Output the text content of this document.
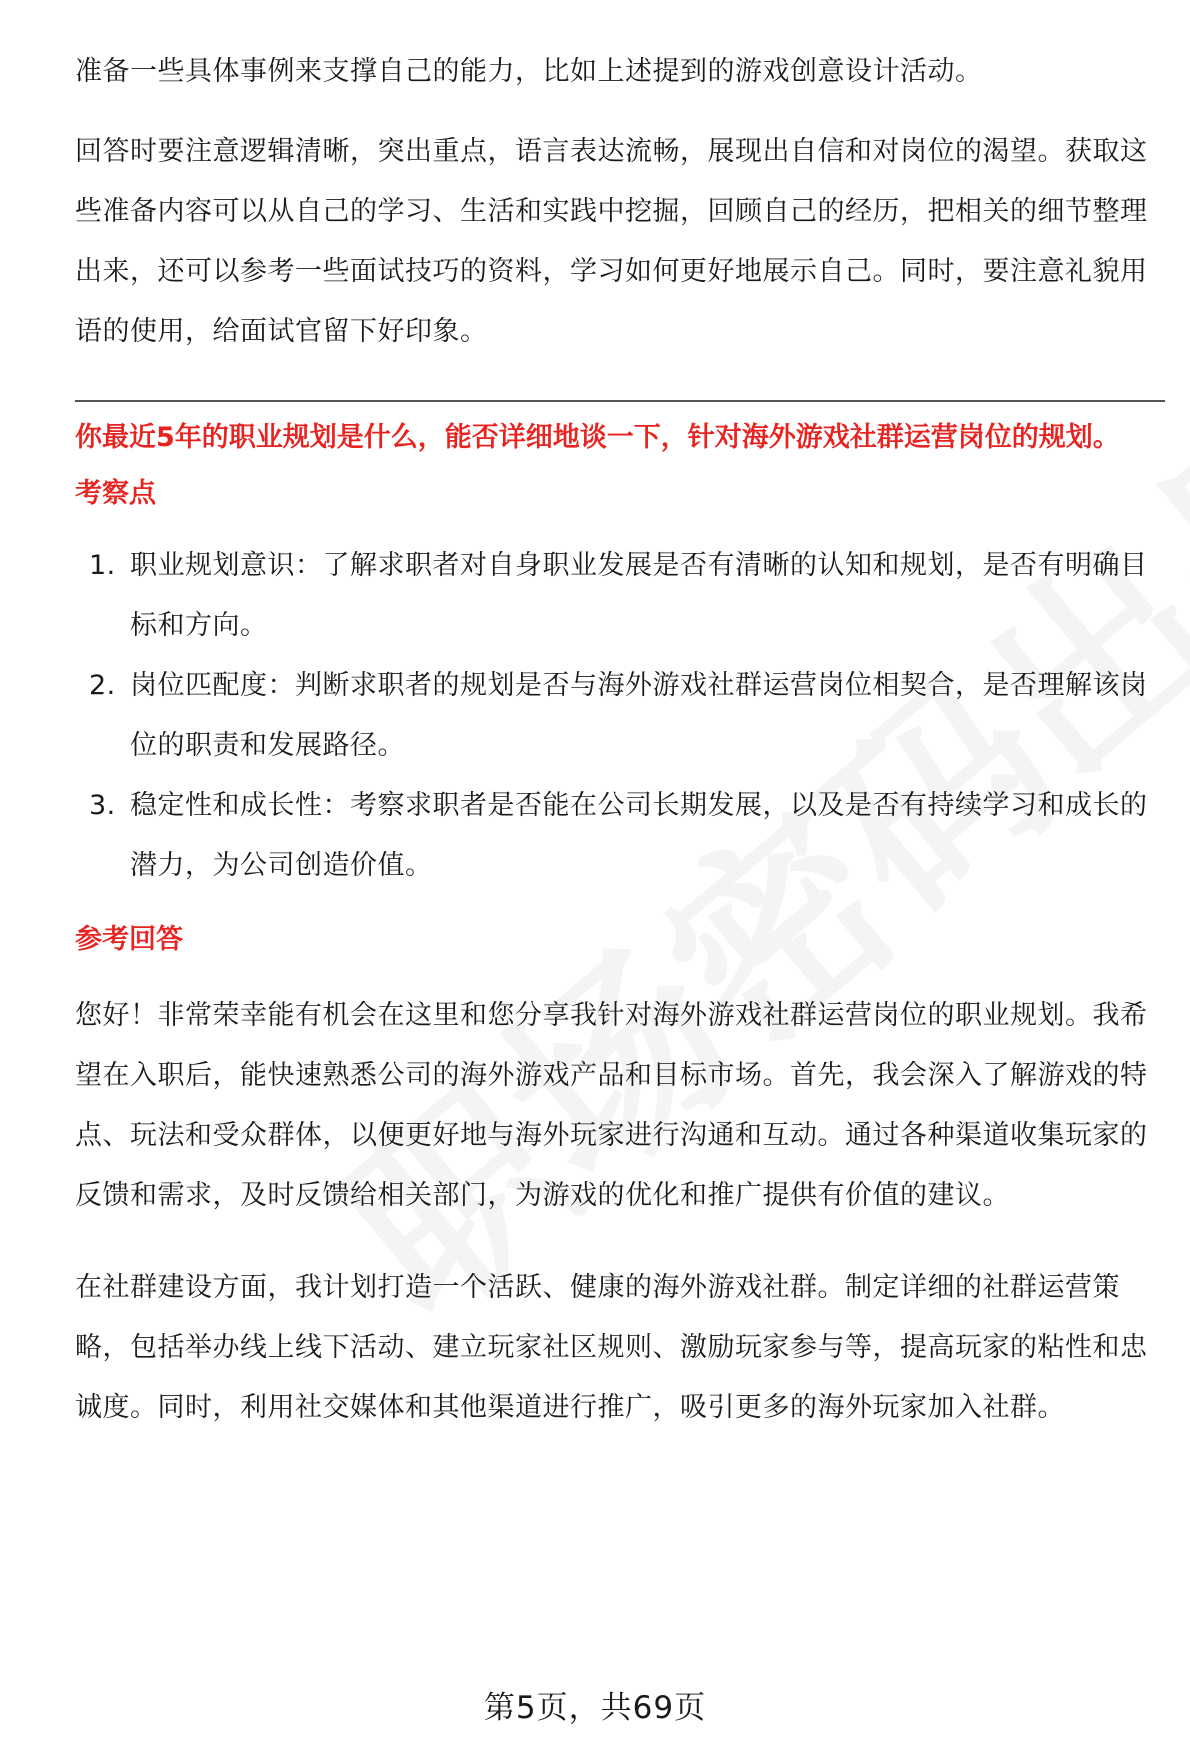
准备一些具体事例来支撑自己的能力，比如上述提到的游戏创意设计活动。

回答时要注意逻辑清晰，突出重点，语言表达流畅，展现出自信和对岗位的渴望。获取这些准备内容可以从自己的学习、生活和实践中挖掘，回顾自己的经历，把相关的细节整理出来，还可以参考一些面试技巧的资料，学习如何更好地展示自己。同时，要注意礼貌用语的使用，给面试官留下好印象。

你最近5年的职业规划是什么，能否详细地谈一下，针对海外游戏社群运营岗位的规划。
考察点
1. 职业规划意识：了解求职者对自身职业发展是否有清晰的认知和规划，是否有明确目标和方向。
2. 岗位匹配度：判断求职者的规划是否与海外游戏社群运营岗位相契合，是否理解该岗位的职责和发展路径。
3. 稳定性和成长性：考察求职者是否能在公司长期发展，以及是否有持续学习和成长的潜力，为公司创造价值。
参考回答

您好！非常荣幸能有机会在这里和您分享我针对海外游戏社群运营岗位的职业规划。我希望在入职后，能快速熟悉公司的海外游戏产品和目标市场。首先，我会深入了解游戏的特点、玩法和受众群体，以便更好地与海外玩家进行沟通和互动。通过各种渠道收集玩家的反馈和需求，及时反馈给相关部门，为游戏的优化和推广提供有价值的建议。

在社群建设方面，我计划打造一个活跃、健康的海外游戏社群。制定详细的社群运营策略，包括举办线上线下活动、建立玩家社区规则、激励玩家参与等，提高玩家的粘性和忠诚度。同时，利用社交媒体和其他渠道进行推广，吸引更多的海外玩家加入社群。

第5页，共69页
